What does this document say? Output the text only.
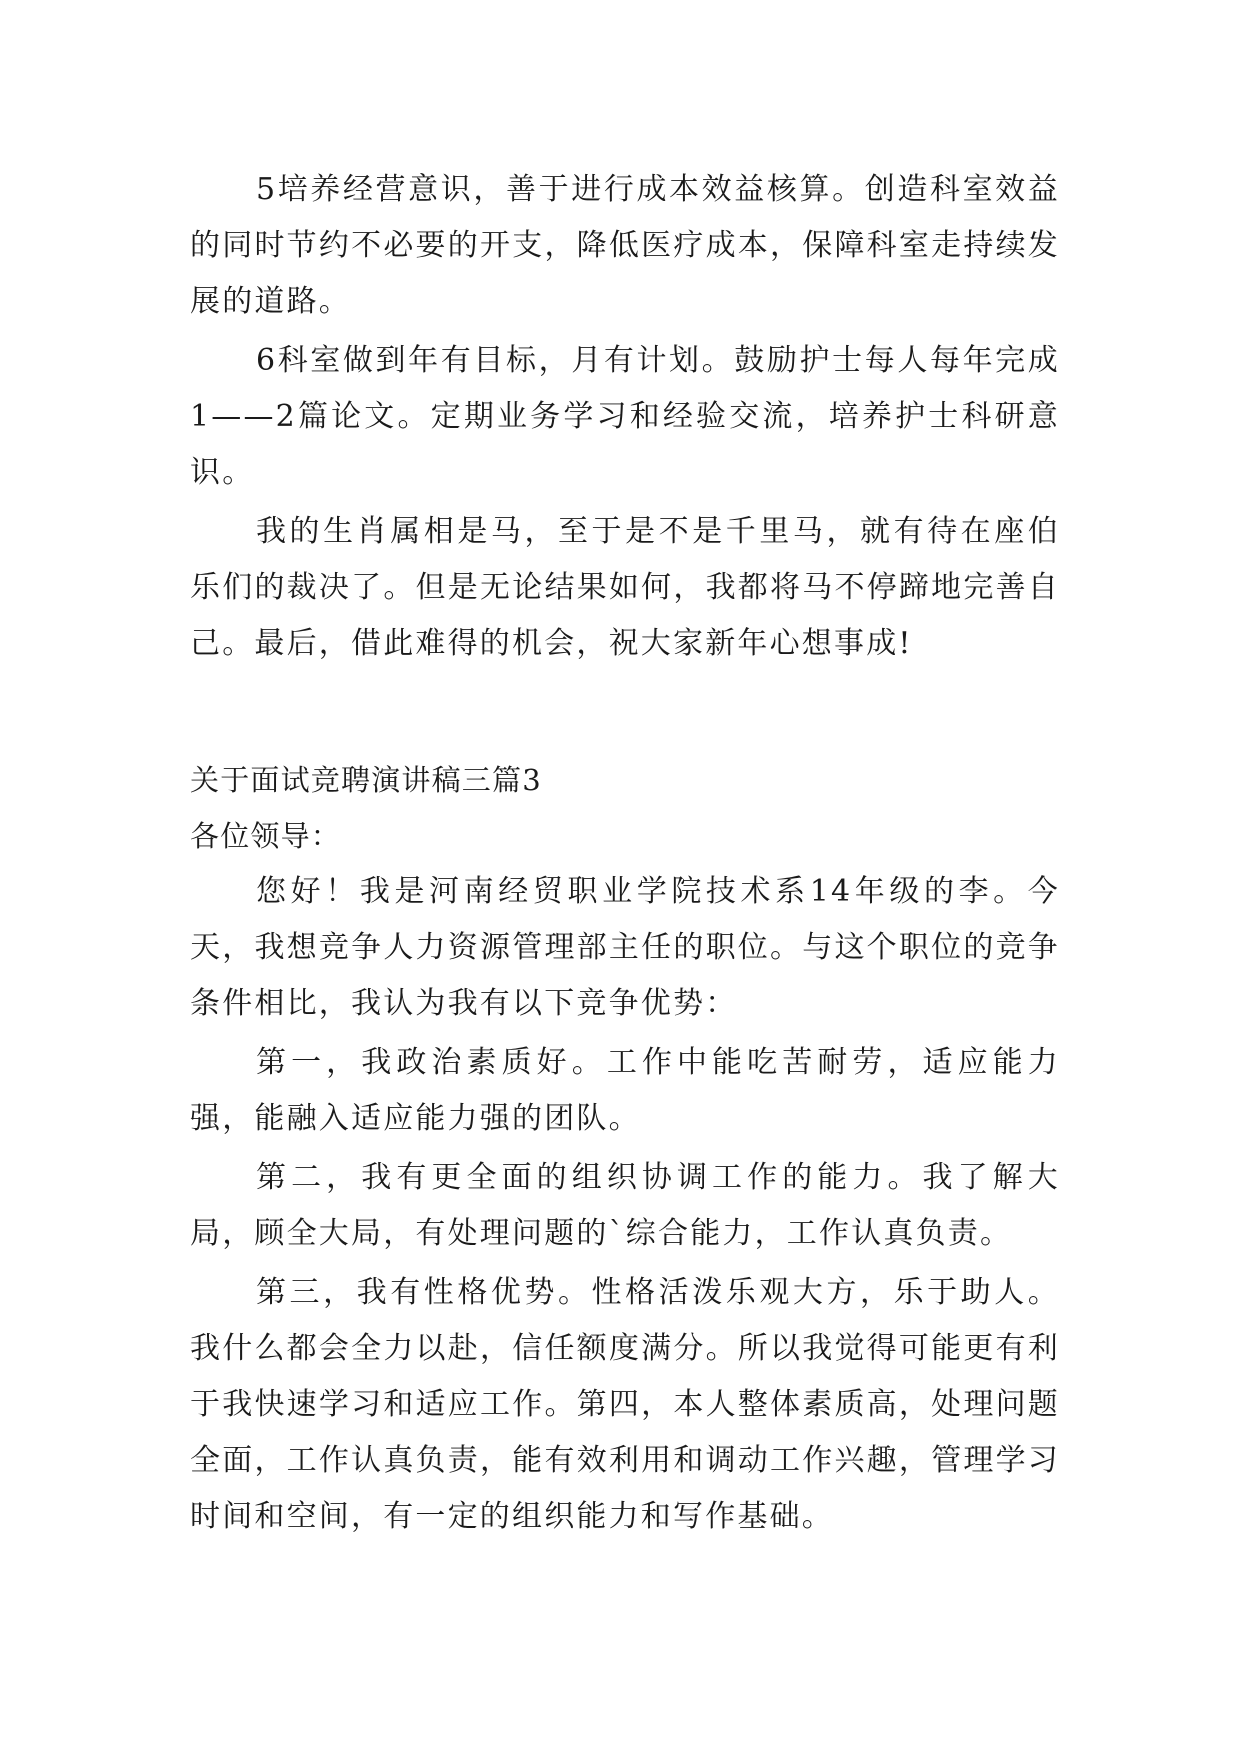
5培养经营意识，善于进行成本效益核算。创造科室效益的同时节约不必要的开支，降低医疗成本，保障科室走持续发展的道路。

6科室做到年有目标，月有计划。鼓励护士每人每年完成1——2篇论文。定期业务学习和经验交流，培养护士科研意识。

我的生肖属相是马，至于是不是千里马，就有待在座伯乐们的裁决了。但是无论结果如何，我都将马不停蹄地完善自己。最后，借此难得的机会，祝大家新年心想事成!

关于面试竞聘演讲稿三篇3

各位领导：

您好！我是河南经贸职业学院技术系14年级的李。今天，我想竞争人力资源管理部主任的职位。与这个职位的竞争条件相比，我认为我有以下竞争优势：

第一，我政治素质好。工作中能吃苦耐劳，适应能力强，能融入适应能力强的团队。

第二，我有更全面的组织协调工作的能力。我了解大局，顾全大局，有处理问题的`综合能力，工作认真负责。

第三，我有性格优势。性格活泼乐观大方，乐于助人。我什么都会全力以赴，信任额度满分。所以我觉得可能更有利于我快速学习和适应工作。第四，本人整体素质高，处理问题全面，工作认真负责，能有效利用和调动工作兴趣，管理学习时间和空间，有一定的组织能力和写作基础。
